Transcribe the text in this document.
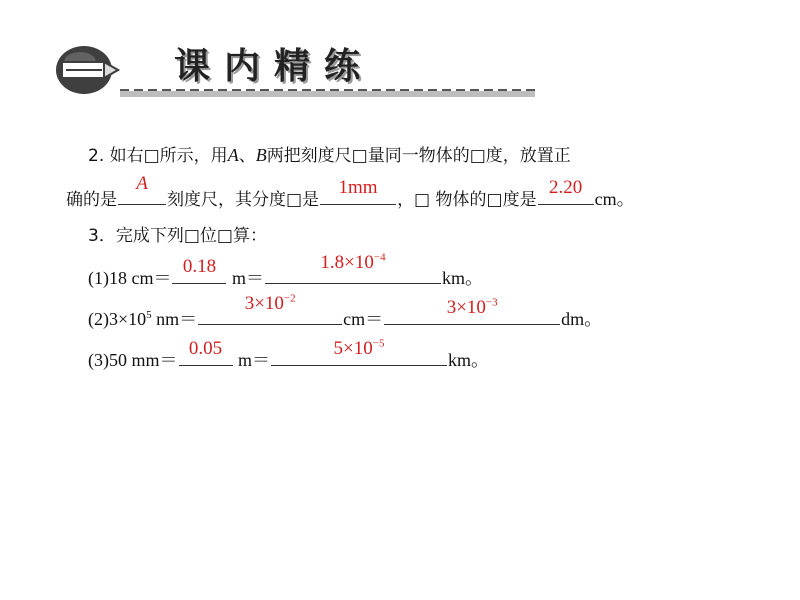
课内精练
2. 如右□所示，用A、B两把刻度尺□量同一物体的□度，放置正
确的是
A
刻度尺，其分度□是
1mm
，□ 物体的□度是
2.20
cm。
3．完成下列□位□算：
(1)18 cm＝
0.18
m＝
$1.8\times 10^{-4}$
km。
$(2)3\times 10^5$ nm＝
$3\times 10^{-2}$
cm＝
$3\times 10^{-3}$
dm。
(3)50 mm＝
0.05
m＝
$5\times 10^{-5}$
km。
